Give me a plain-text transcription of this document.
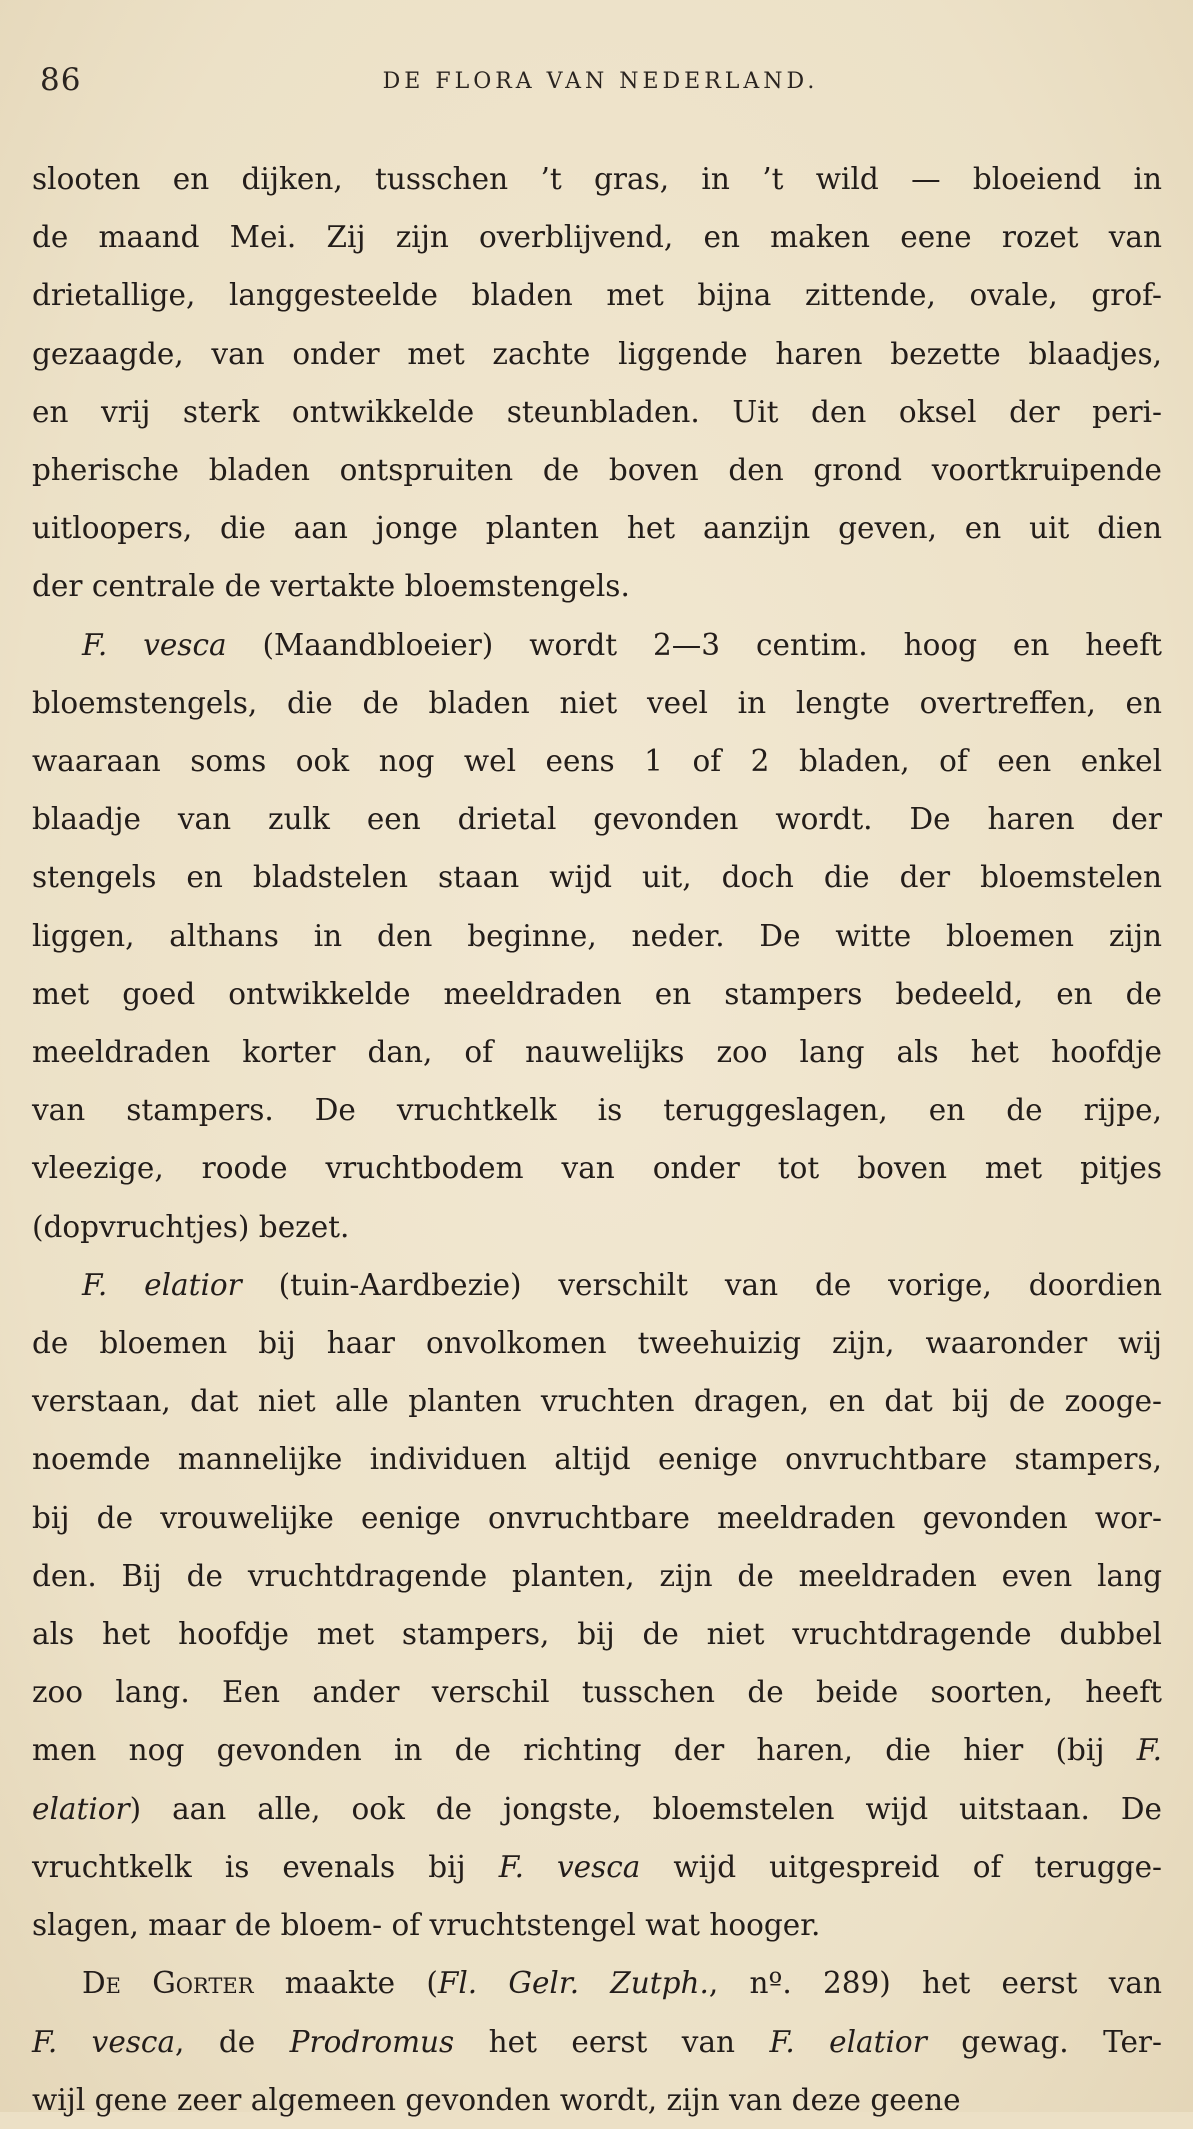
86	DE FLORA VAN NEDERLAND.

slooten en dijken, tusschen ’t gras, in ’t wild — bloeiend in
de maand Mei. Zij zijn overblijvend, en maken eene rozet van
drietallige, langgesteelde bladen met bijna zittende, ovale, grof-
gezaagde, van onder met zachte liggende haren bezette blaadjes,
en vrij sterk ontwikkelde steunbladen. Uit den oksel der peri-
pherische bladen ontspruiten de boven den grond voortkruipende
uitloopers, die aan jonge planten het aanzijn geven, en uit dien
der centrale de vertakte bloemstengels.

F. vesca (Maandbloeier) wordt 2—3 centim. hoog en heeft
bloemstengels, die de bladen niet veel in lengte overtreffen, en
waaraan soms ook nog wel eens 1 of 2 bladen, of een enkel
blaadje van zulk een drietal gevonden wordt. De haren der
stengels en bladstelen staan wijd uit, doch die der bloemstelen
liggen, althans in den beginne, neder. De witte bloemen zijn
met goed ontwikkelde meeldraden en stampers bedeeld, en de
meeldraden korter dan, of nauwelijks zoo lang als het hoofdje
van stampers. De vruchtkelk is teruggeslagen, en de rijpe,
vleezige, roode vruchtbodem van onder tot boven met pitjes
(dopvruchtjes) bezet.

F. elatior (tuin-Aardbezie) verschilt van de vorige, doordien
de bloemen bij haar onvolkomen tweehuizig zijn, waaronder wij
verstaan, dat niet alle planten vruchten dragen, en dat bij de zooge-
noemde mannelijke individuen altijd eenige onvruchtbare stampers,
bij de vrouwelijke eenige onvruchtbare meeldraden gevonden wor-
den. Bij de vruchtdragende planten, zijn de meeldraden even lang
als het hoofdje met stampers, bij de niet vruchtdragende dubbel
zoo lang. Een ander verschil tusschen de beide soorten, heeft
men nog gevonden in de richting der haren, die hier (bij F.
elatior) aan alle, ook de jongste, bloemstelen wijd uitstaan. De
vruchtkelk is evenals bij F. vesca wijd uitgespreid of terugge-
slagen, maar de bloem- of vruchtstengel wat hooger.

De Gorter maakte (Fl. Gelr. Zutph., nº. 289) het eerst van
F. vesca, de Prodromus het eerst van F. elatior gewag. Ter-
wijl gene zeer algemeen gevonden wordt, zijn van deze geene
